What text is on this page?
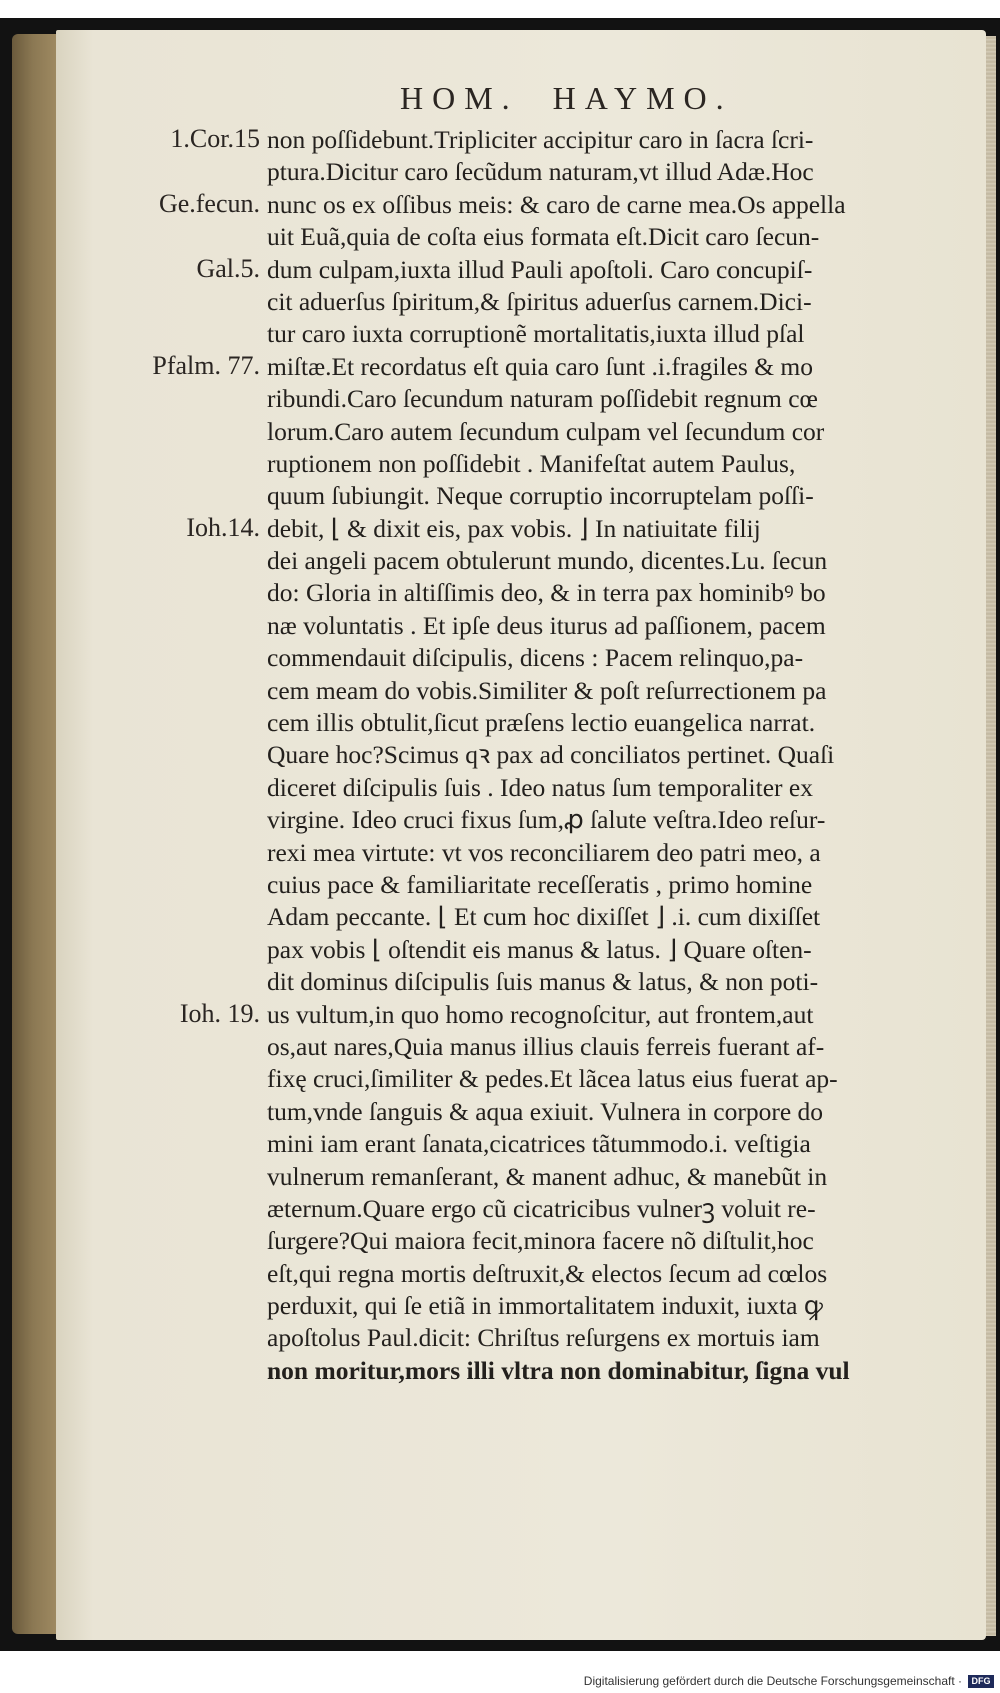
HOM. HAYMO.
1.Cor.15
Ge.fecun.
Gal.5.
Pfalm. 77.
Ioh.14.
Ioh. 19.
non poſſidebunt.Tripliciter accipitur caro in ſacra ſcri-
ptura.Dicitur caro ſecũdum naturam,vt illud Adæ.Hoc
nunc os ex oſſibus meis: & caro de carne mea.Os appella
uit Euã,quia de coſta eius formata eſt.Dicit caro ſecun-
dum culpam,iuxta illud Pauli apoſtoli. Caro concupiſ-
cit aduerſus ſpiritum,& ſpiritus aduerſus carnem.Dici-
tur caro iuxta corruptionẽ mortalitatis,iuxta illud pſal
miſtæ.Et recordatus eſt quia caro ſunt .i.fragiles & mo
ribundi.Caro ſecundum naturam poſſidebit regnum cœ
lorum.Caro autem ſecundum culpam vel ſecundum cor
ruptionem non poſſidebit . Manifeſtat autem Paulus,
quum ſubiungit. Neque corruptio incorruptelam poſſi-
debit, ⌊ & dixit eis, pax vobis. ⌋ In natiuitate filij
dei angeli pacem obtulerunt mundo, dicentes.Lu. ſecun
do: Gloria in altiſſimis deo, & in terra pax hominibꝰ bo
næ voluntatis . Et ipſe deus iturus ad paſſionem, pacem
commendauit diſcipulis, dicens : Pacem relinquo,pa-
cem meam do vobis.Similiter & poſt reſurrectionem pa
cem illis obtulit,ſicut præſens lectio euangelica narrat.
Quare hoc?Scimus qꝛ pax ad conciliatos pertinet. Quaſi
diceret diſcipulis ſuis . Ideo natus ſum temporaliter ex
virgine. Ideo cruci fixus ſum,ꝓ ſalute veſtra.Ideo reſur-
rexi mea virtute: vt vos reconciliarem deo patri meo, a
cuius pace & familiaritate receſſeratis , primo homine
Adam peccante. ⌊ Et cum hoc dixiſſet ⌋ .i. cum dixiſſet
pax vobis ⌊ oſtendit eis manus & latus. ⌋ Quare oſten-
dit dominus diſcipulis ſuis manus & latus, & non poti-
us vultum,in quo homo recognoſcitur, aut frontem,aut
os,aut nares,Quia manus illius clauis ferreis fuerant af-
fixę cruci,ſimiliter & pedes.Et lãcea latus eius fuerat ap-
tum,vnde ſanguis & aqua exiuit. Vulnera in corpore do
mini iam erant ſanata,cicatrices tãtummodo.i. veſtigia
vulnerum remanſerant, & manent adhuc, & manebũt in
æternum.Quare ergo cũ cicatricibus vulnerꝫ voluit re-
ſurgere?Qui maiora fecit,minora facere nõ diſtulit,hoc
eſt,qui regna mortis deſtruxit,& electos ſecum ad cœlos
perduxit, qui ſe etiã in immortalitatem induxit, iuxta ꝙ
apoſtolus Paul.dicit: Chriſtus reſurgens ex mortuis iam
non moritur,mors illi vltra non dominabitur, ſigna vul
Digitalisierung gefördert durch die Deutsche Forschungsgemeinschaft ·	DFG
